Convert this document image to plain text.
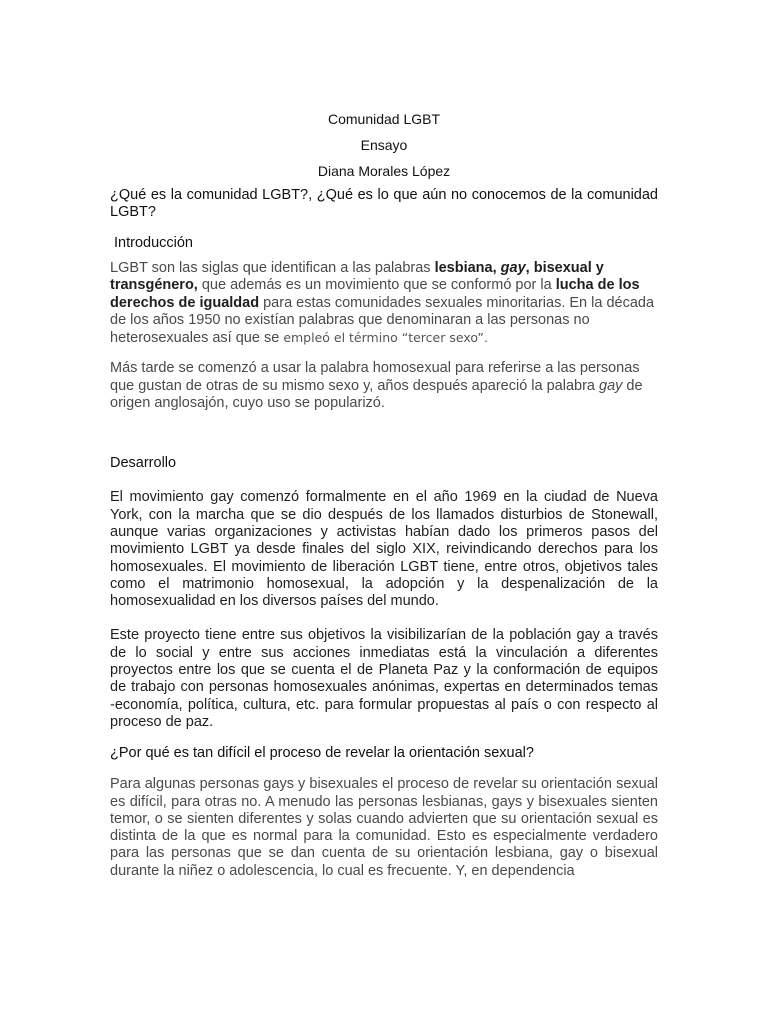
Comunidad LGBT
Ensayo
Diana Morales López
¿Qué es la comunidad LGBT?, ¿Qué es lo que aún no conocemos de la comunidad LGBT?
Introducción

LGBT son las siglas que identifican a las palabras lesbiana, gay, bisexual y transgénero, que además es un movimiento que se conformó por la lucha de los derechos de igualdad para estas comunidades sexuales minoritarias. En la década de los años 1950 no existían palabras que denominaran a las personas no heterosexuales así que se empleó el término “tercer sexo”.

Más tarde se comenzó a usar la palabra homosexual para referirse a las personas que gustan de otras de su mismo sexo y, años después apareció la palabra gay de origen anglosajón, cuyo uso se popularizó.

Desarrollo

El movimiento gay comenzó formalmente en el año 1969 en la ciudad de Nueva York, con la marcha que se dio después de los llamados disturbios de Stonewall, aunque varias organizaciones y activistas habían dado los primeros pasos del movimiento LGBT ya desde finales del siglo XIX, reivindicando derechos para los homosexuales. El movimiento de liberación LGBT tiene, entre otros, objetivos tales como el matrimonio homosexual, la adopción y la despenalización de la homosexualidad en los diversos países del mundo.

Este proyecto tiene entre sus objetivos la visibilizarían de la población gay a través de lo social y entre sus acciones inmediatas está la vinculación a diferentes proyectos entre los que se cuenta el de Planeta Paz y la conformación de equipos de trabajo con personas homosexuales anónimas, expertas en determinados temas -economía, política, cultura, etc. para formular propuestas al país o con respecto al proceso de paz.

¿Por qué es tan difícil el proceso de revelar la orientación sexual?

Para algunas personas gays y bisexuales el proceso de revelar su orientación sexual es difícil, para otras no. A menudo las personas lesbianas, gays y bisexuales sienten temor, o se sienten diferentes y solas cuando advierten que su orientación sexual es distinta de la que es normal para la comunidad. Esto es especialmente verdadero para las personas que se dan cuenta de su orientación lesbiana, gay o bisexual durante la niñez o adolescencia, lo cual es frecuente. Y, en dependencia
